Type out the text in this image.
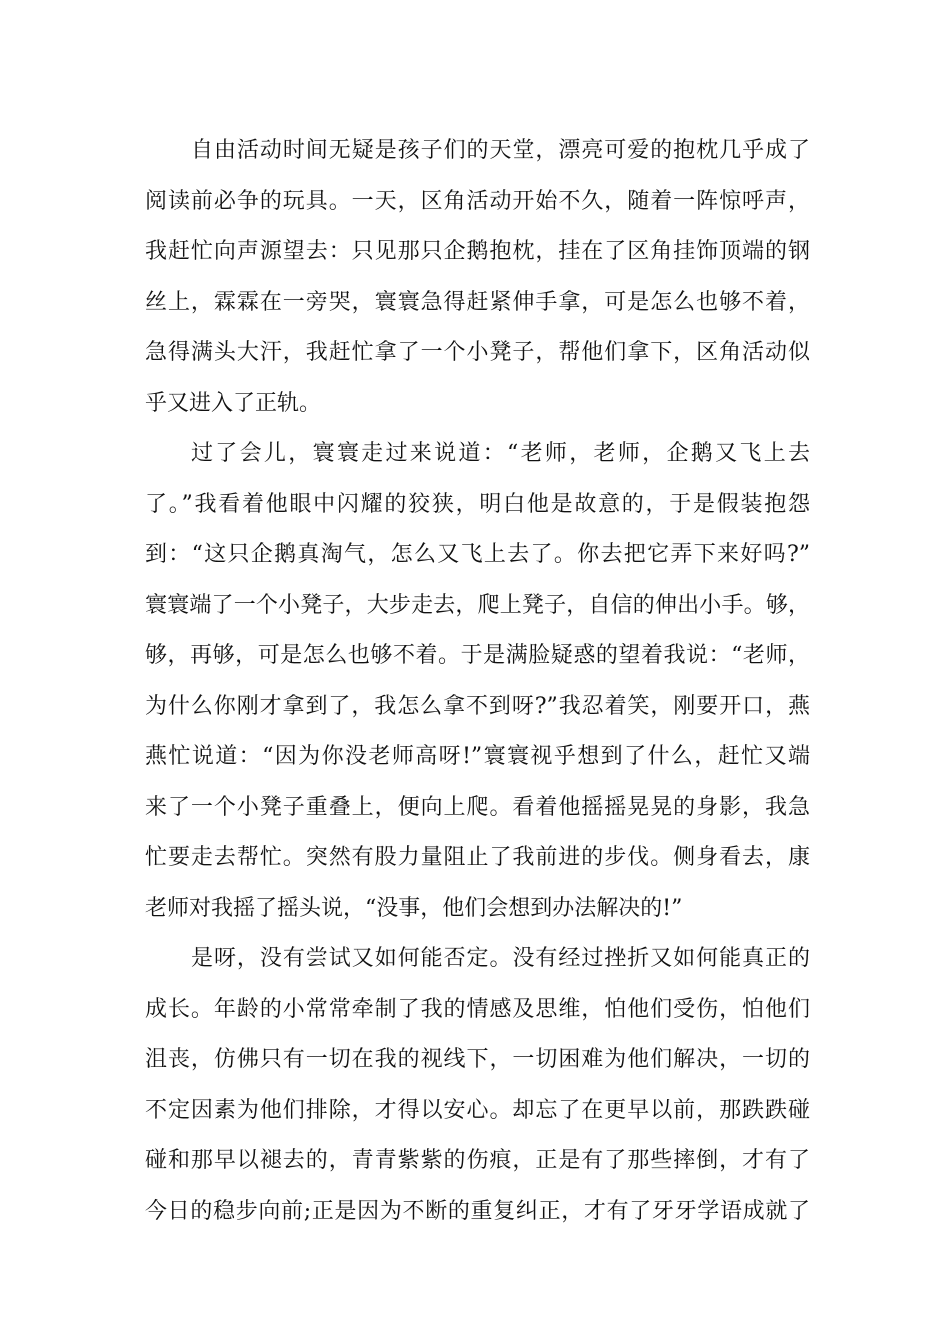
自由活动时间无疑是孩子们的天堂，漂亮可爱的抱枕几乎成了
阅读前必争的玩具。一天，区角活动开始不久，随着一阵惊呼声，
我赶忙向声源望去：只见那只企鹅抱枕，挂在了区角挂饰顶端的钢
丝上，霖霖在一旁哭，寰寰急得赶紧伸手拿，可是怎么也够不着，
急得满头大汗，我赶忙拿了一个小凳子，帮他们拿下，区角活动似
乎又进入了正轨。
过了会儿，寰寰走过来说道：“老师，老师，企鹅又飞上去
了。”我看着他眼中闪耀的狡狭，明白他是故意的，于是假装抱怨
到：“这只企鹅真淘气，怎么又飞上去了。你去把它弄下来好吗?”
寰寰端了一个小凳子，大步走去，爬上凳子，自信的伸出小手。够，
够，再够，可是怎么也够不着。于是满脸疑惑的望着我说：“老师，
为什么你刚才拿到了，我怎么拿不到呀?”我忍着笑，刚要开口，燕
燕忙说道：“因为你没老师高呀!”寰寰视乎想到了什么，赶忙又端
来了一个小凳子重叠上，便向上爬。看着他摇摇晃晃的身影，我急
忙要走去帮忙。突然有股力量阻止了我前进的步伐。侧身看去，康
老师对我摇了摇头说，“没事，他们会想到办法解决的!”
是呀，没有尝试又如何能否定。没有经过挫折又如何能真正的
成长。年龄的小常常牵制了我的情感及思维，怕他们受伤，怕他们
沮丧，仿佛只有一切在我的视线下，一切困难为他们解决，一切的
不定因素为他们排除，才得以安心。却忘了在更早以前，那跌跌碰
碰和那早以褪去的，青青紫紫的伤痕，正是有了那些摔倒，才有了
今日的稳步向前;正是因为不断的重复纠正，才有了牙牙学语成就了
